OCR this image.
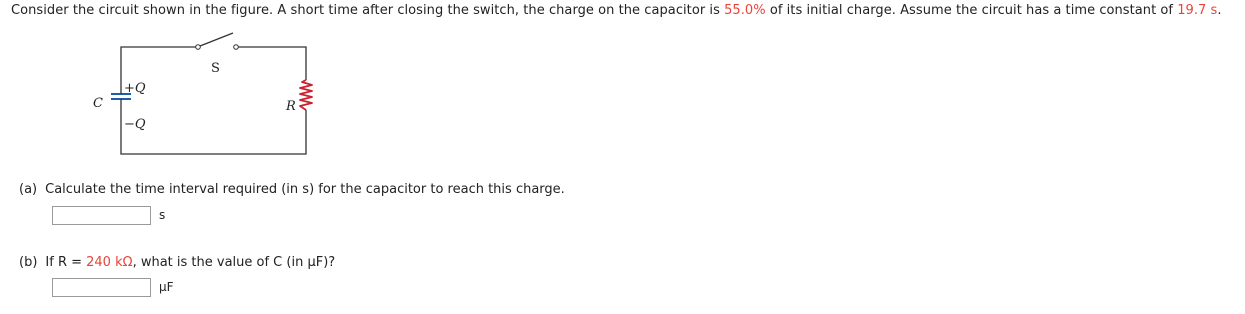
Consider the circuit shown in the figure. A short time after closing the switch, the charge on the capacitor is 55.0% of its initial charge. Assume the circuit has a time constant of 19.7 s.
S
C
+Q
−Q
R
(a) Calculate the time interval required (in s) for the capacitor to reach this charge.
s
(b) If R = 240 kΩ, what is the value of C (in µF)?
µF
